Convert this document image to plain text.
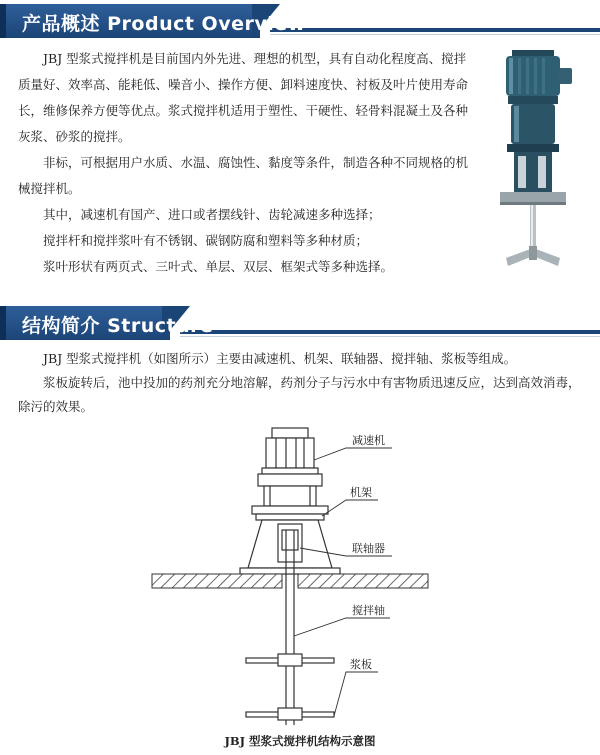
产品概述 Product Overview

JBJ 型浆式搅拌机是目前国内外先进、理想的机型，具有自动化程度高、搅拌质量好、效率高、能耗低、噪音小、操作方便、卸料速度快、衬板及叶片使用寿命长，维修保养方便等优点。浆式搅拌机适用于塑性、干硬性、轻骨料混凝土及各种灰浆、砂浆的搅拌。

非标，可根据用户水质、水温、腐蚀性、黏度等条件，制造各种不同规格的机械搅拌机。

其中，减速机有国产、进口或者摆线针、齿轮减速多种选择；

搅拌杆和搅拌浆叶有不锈钢、碳钢防腐和塑料等多种材质；

浆叶形状有两页式、三叶式、单层、双层、框架式等多种选择。

结构简介 Structure

JBJ 型浆式搅拌机（如图所示）主要由减速机、机架、联轴器、搅拌轴、浆板等组成。

浆板旋转后，池中投加的药剂充分地溶解，药剂分子与污水中有害物质迅速反应，达到高效消毒，除污的效果。

减速机
机架
联轴器
搅拌轴
浆板
JBJ 型浆式搅拌机结构示意图
